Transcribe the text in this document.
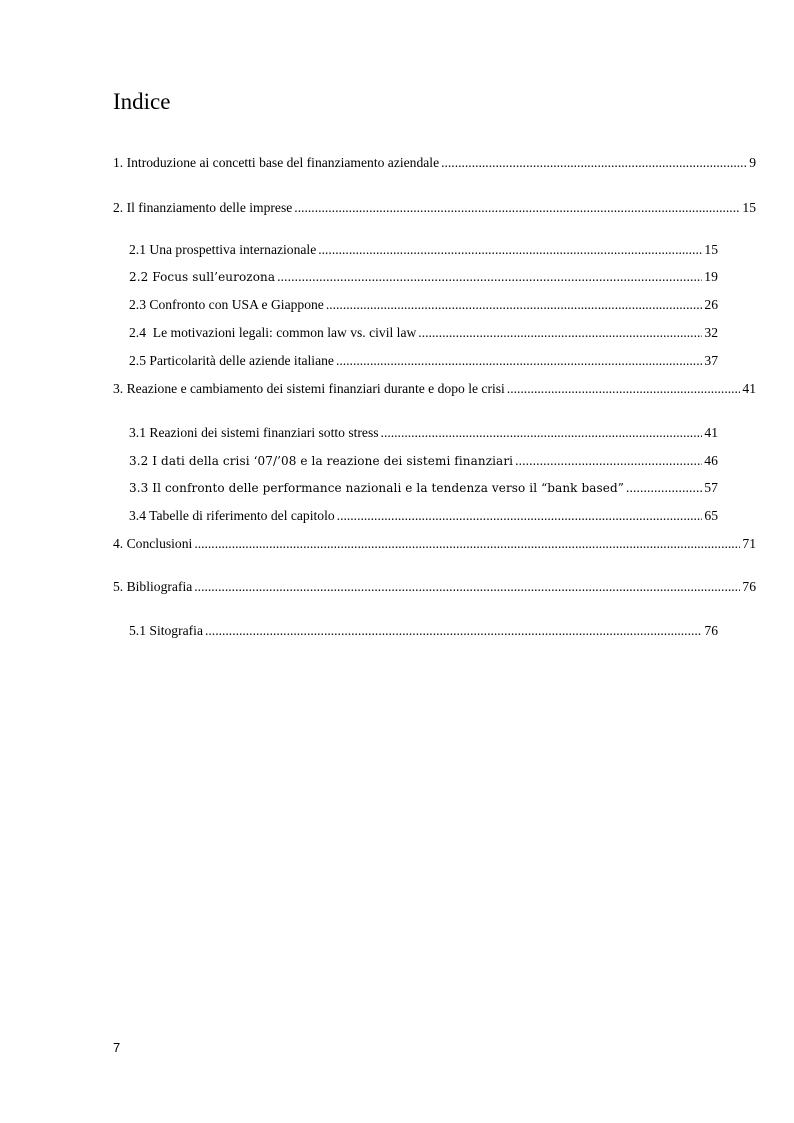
Indice
1. Introduzione ai concetti base del finanziamento aziendale .....	9
2. Il finanziamento delle imprese .....	15
2.1 Una prospettiva internazionale .....	15
2.2 Focus sull’eurozona .....	19
2.3 Confronto con USA e Giappone .....	26
2.4  Le motivazioni legali: common law vs. civil law .....	32
2.5 Particolarità delle aziende italiane .....	37
3. Reazione e cambiamento dei sistemi finanziari durante e dopo le crisi .....	41
3.1 Reazioni dei sistemi finanziari sotto stress .....	41
3.2 I dati della crisi ‘07/’08 e la reazione dei sistemi finanziari .....	46
3.3 Il confronto delle performance nazionali e la tendenza verso il “bank based” .....	57
3.4 Tabelle di riferimento del capitolo .....	65
4. Conclusioni .....	71
5. Bibliografia .....	76
5.1 Sitografia .....	76
7
